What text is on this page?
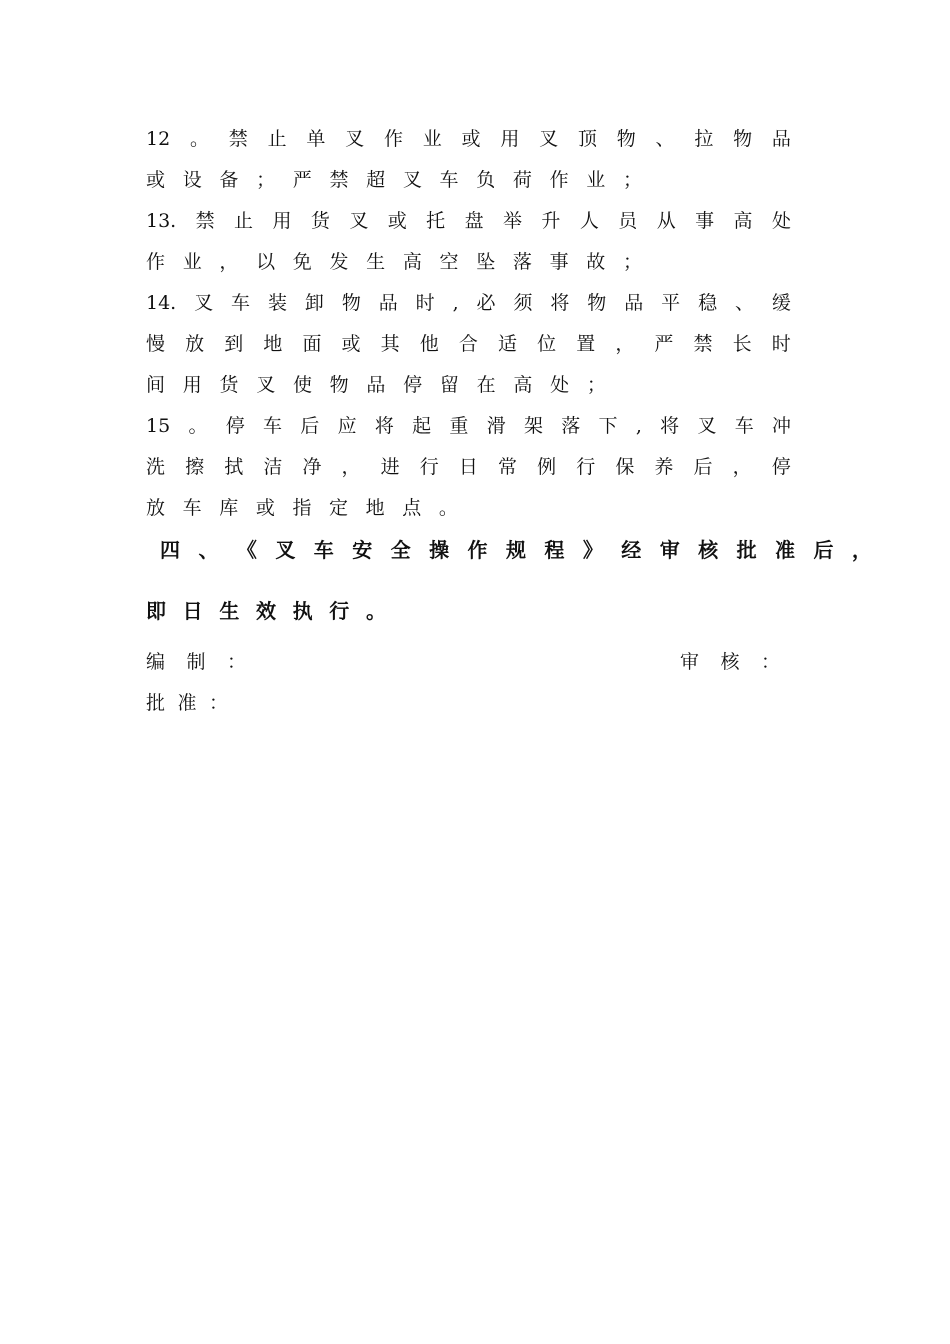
12 。 禁 止 单 叉 作 业 或 用 叉 顶 物 、 拉 物 品
或 设 备 ； 严 禁 超 叉 车 负 荷 作 业 ；
13. 禁 止 用 货 叉 或 托 盘 举 升 人 员 从 事 高 处
作 业 ， 以 免 发 生 高 空 坠 落 事 故 ；
14. 叉 车 装 卸 物 品 时 , 必 须 将 物 品 平 稳 、 缓
慢 放 到 地 面 或 其 他 合 适 位 置 ， 严 禁 长 时
间 用 货 叉 使 物 品 停 留 在 高 处 ；
15 。 停 车 后 应 将 起 重 滑 架 落 下 , 将 叉 车 冲
洗 擦 拭 洁 净 ， 进 行 日 常 例 行 保 养 后 ， 停
放 车 库 或 指 定 地 点 。
四 、 《 叉 车 安 全 操 作 规 程 》 经 审 核 批 准 后 ，
即 日 生 效 执 行 。
编 制 ：	审 核 ：
批 准 ：
